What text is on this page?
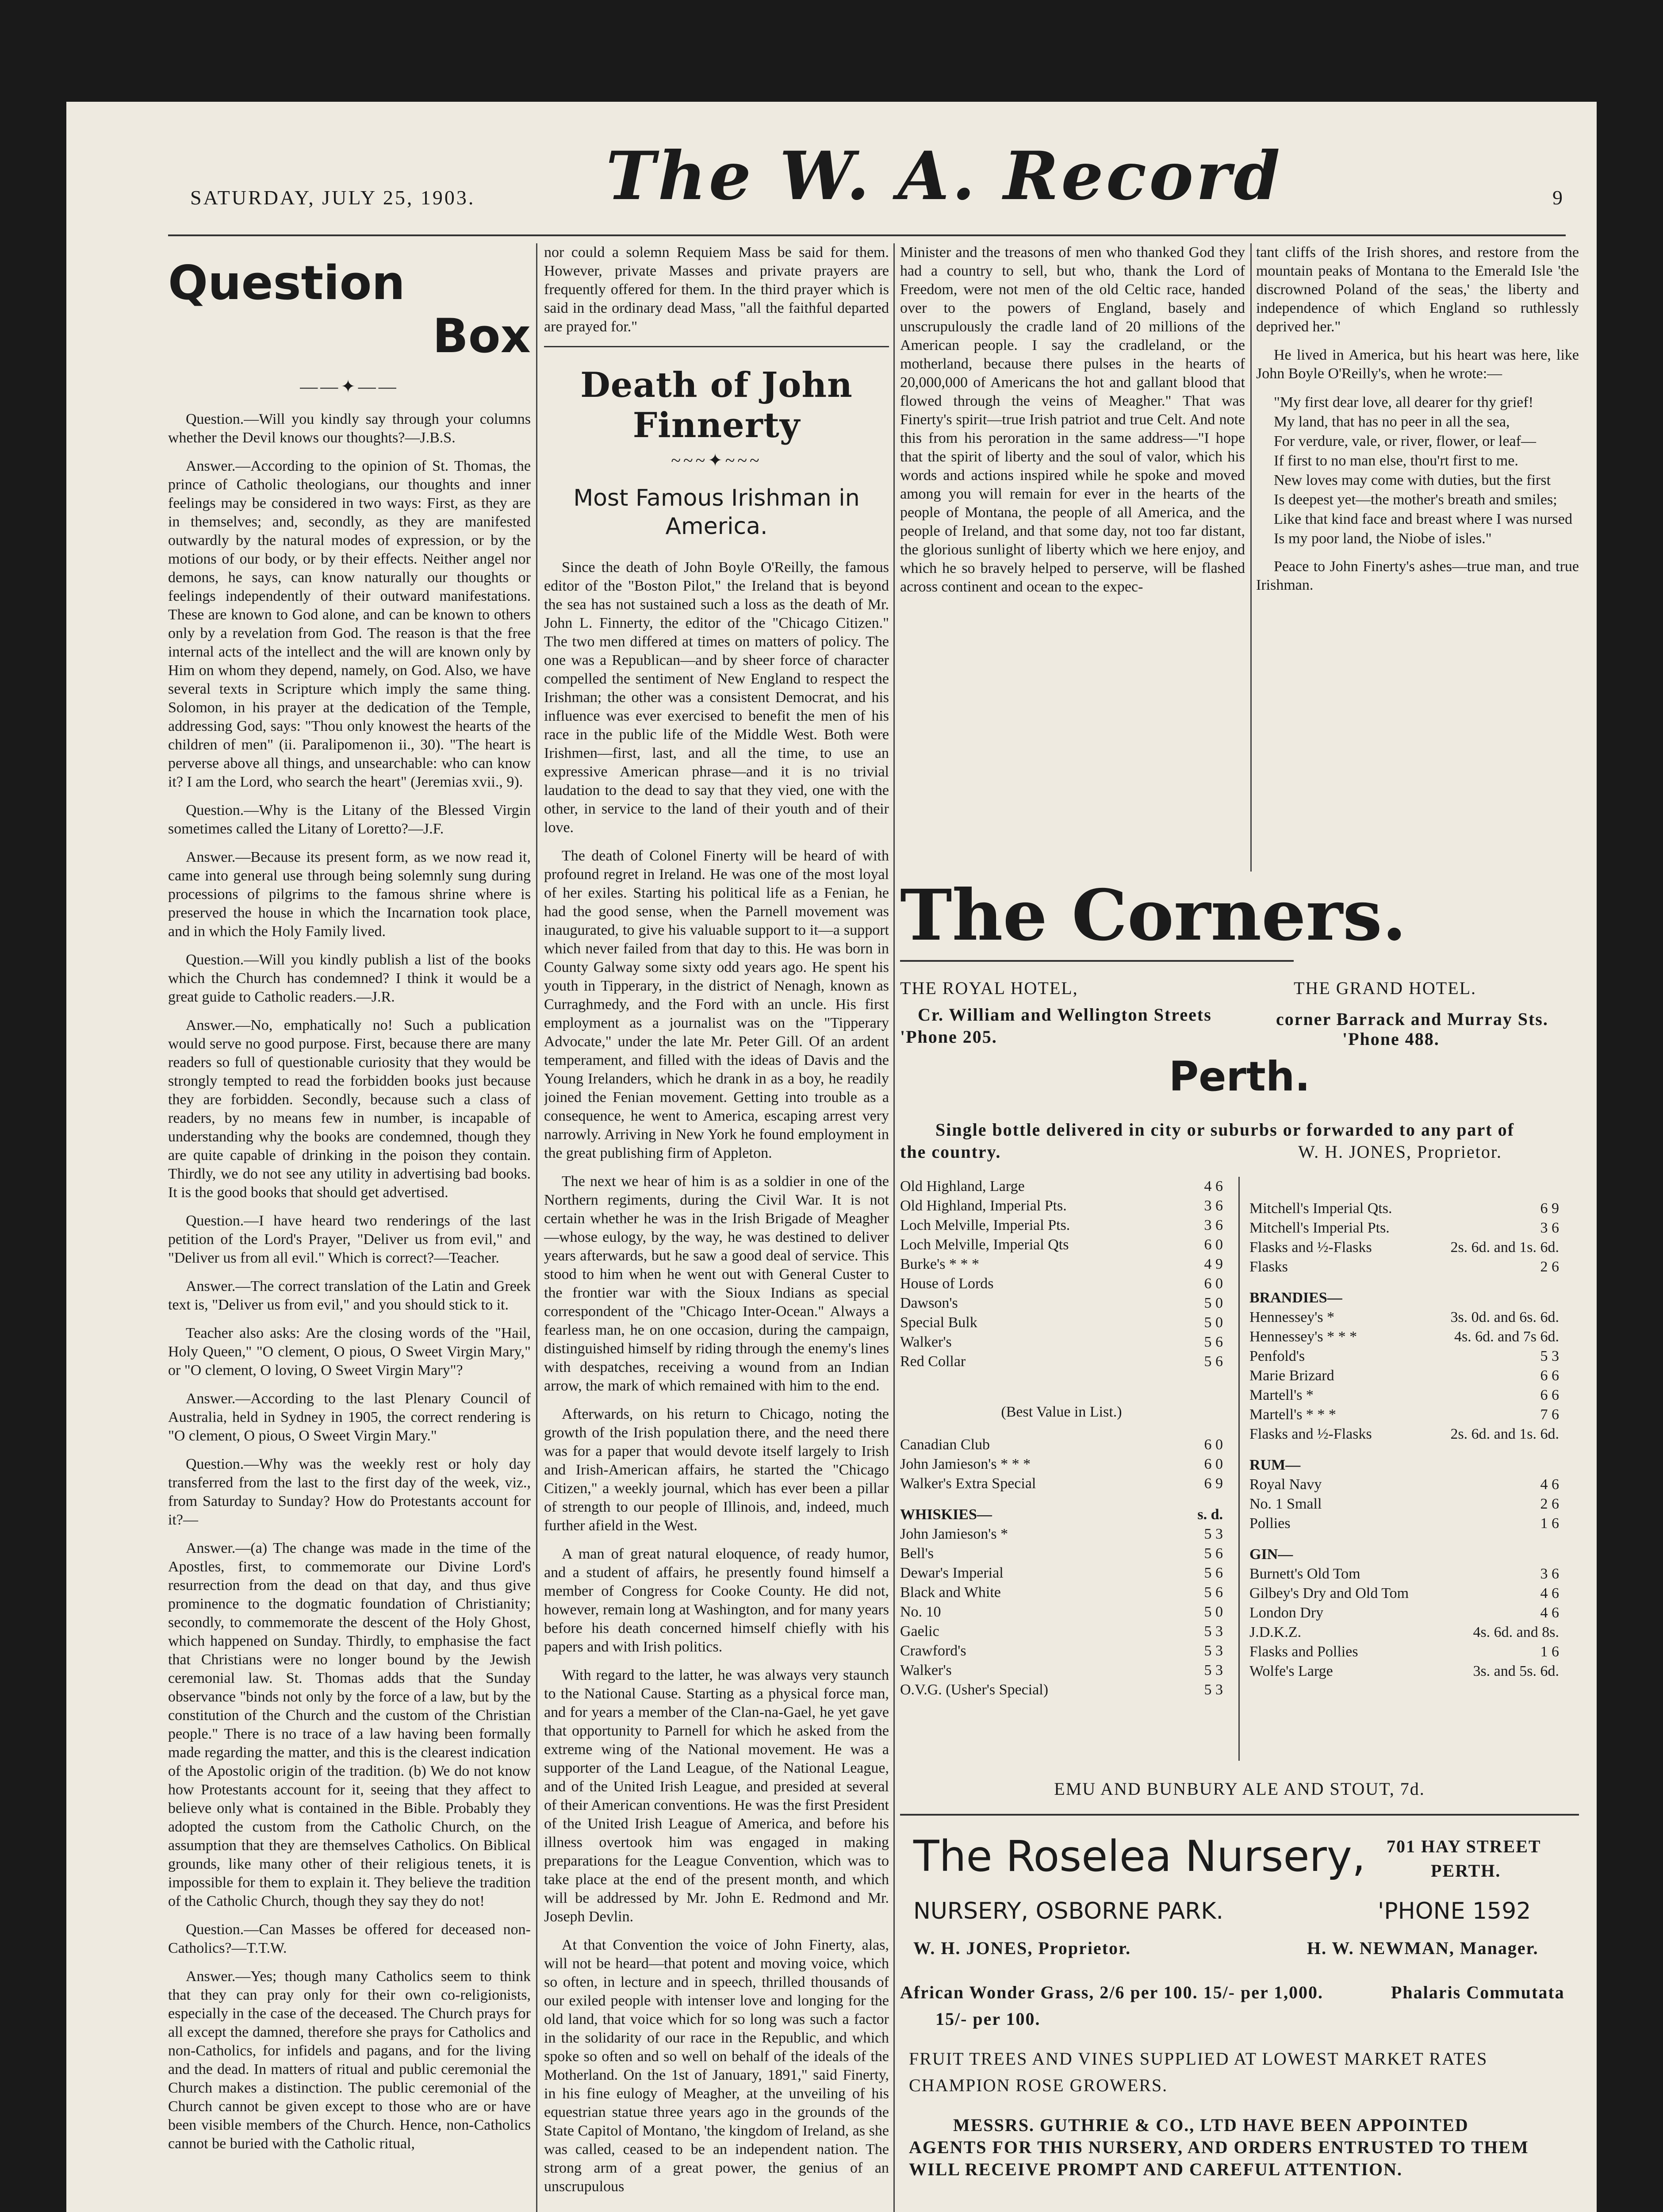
SATURDAY, JULY 25, 1903. The W. A. Record	9
Question
Box
——✦——

Question.—Will you kindly say through your columns whether the Devil knows our thoughts?—J.B.S.

Answer.—According to the opinion of St. Thomas, the prince of Catholic theologians, our thoughts and inner feelings may be considered in two ways: First, as they are in themselves; and, secondly, as they are manifested outwardly by the natural modes of expression, or by the motions of our body, or by their effects. Neither angel nor demons, he says, can know naturally our thoughts or feelings independently of their outward manifestations. These are known to God alone, and can be known to others only by a revelation from God. The reason is that the free internal acts of the intellect and the will are known only by Him on whom they depend, namely, on God. Also, we have several texts in Scripture which imply the same thing. Solomon, in his prayer at the dedication of the Temple, addressing God, says: "Thou only knowest the hearts of the children of men" (ii. Paralipomenon ii., 30). "The heart is perverse above all things, and unsearchable: who can know it? I am the Lord, who search the heart" (Jeremias xvii., 9).

Question.—Why is the Litany of the Blessed Virgin sometimes called the Litany of Loretto?—J.F.

Answer.—Because its present form, as we now read it, came into general use through being solemnly sung during processions of pilgrims to the famous shrine where is preserved the house in which the Incarnation took place, and in which the Holy Family lived.

Question.—Will you kindly publish a list of the books which the Church has condemned? I think it would be a great guide to Catholic readers.—J.R.

Answer.—No, emphatically no! Such a publication would serve no good purpose. First, because there are many readers so full of questionable curiosity that they would be strongly tempted to read the forbidden books just because they are forbidden. Secondly, because such a class of readers, by no means few in number, is incapable of understanding why the books are condemned, though they are quite capable of drinking in the poison they contain. Thirdly, we do not see any utility in advertising bad books. It is the good books that should get advertised.

Question.—I have heard two renderings of the last petition of the Lord's Prayer, "Deliver us from evil," and "Deliver us from all evil." Which is correct?—Teacher.

Answer.—The correct translation of the Latin and Greek text is, "Deliver us from evil," and you should stick to it.

Teacher also asks: Are the closing words of the "Hail, Holy Queen," "O clement, O pious, O Sweet Virgin Mary," or "O clement, O loving, O Sweet Virgin Mary"?

Answer.—According to the last Plenary Council of Australia, held in Sydney in 1905, the correct rendering is "O clement, O pious, O Sweet Virgin Mary."

Question.—Why was the weekly rest or holy day transferred from the last to the first day of the week, viz., from Saturday to Sunday? How do Protestants account for it?—

Answer.—(a) The change was made in the time of the Apostles, first, to commemorate our Divine Lord's resurrection from the dead on that day, and thus give prominence to the dogmatic foundation of Christianity; secondly, to commemorate the descent of the Holy Ghost, which happened on Sunday. Thirdly, to emphasise the fact that Christians were no longer bound by the Jewish ceremonial law. St. Thomas adds that the Sunday observance "binds not only by the force of a law, but by the constitution of the Church and the custom of the Christian people." There is no trace of a law having been formally made regarding the matter, and this is the clearest indication of the Apostolic origin of the tradition. (b) We do not know how Protestants account for it, seeing that they affect to believe only what is contained in the Bible. Probably they adopted the custom from the Catholic Church, on the assumption that they are themselves Catholics. On Biblical grounds, like many other of their religious tenets, it is impossible for them to explain it. They believe the tradition of the Catholic Church, though they say they do not!

Question.—Can Masses be offered for deceased non-Catholics?—T.T.W.

Answer.—Yes; though many Catholics seem to think that they can pray only for their own co-religionists, especially in the case of the deceased. The Church prays for all except the damned, therefore she prays for Catholics and non-Catholics, for infidels and pagans, and for the living and the dead. In matters of ritual and public ceremonial the Church makes a distinction. The public ceremonial of the Church cannot be given except to those who are or have been visible members of the Church. Hence, non-Catholics cannot be buried with the Catholic ritual,

nor could a solemn Requiem Mass be said for them. However, private Masses and private prayers are frequently offered for them. In the third prayer which is said in the ordinary dead Mass, "all the faithful departed are prayed for."

Death of John Finnerty
~~~✦~~~
Most Famous Irishman in America.

Since the death of John Boyle O'Reilly, the famous editor of the "Boston Pilot," the Ireland that is beyond the sea has not sustained such a loss as the death of Mr. John L. Finnerty, the editor of the "Chicago Citizen." The two men differed at times on matters of policy. The one was a Republican—and by sheer force of character compelled the sentiment of New England to respect the Irishman; the other was a consistent Democrat, and his influence was ever exercised to benefit the men of his race in the public life of the Middle West. Both were Irishmen—first, last, and all the time, to use an expressive American phrase—and it is no trivial laudation to the dead to say that they vied, one with the other, in service to the land of their youth and of their love.

The death of Colonel Finerty will be heard of with profound regret in Ireland. He was one of the most loyal of her exiles. Starting his political life as a Fenian, he had the good sense, when the Parnell movement was inaugurated, to give his valuable support to it—a support which never failed from that day to this. He was born in County Galway some sixty odd years ago. He spent his youth in Tipperary, in the district of Nenagh, known as Curraghmedy, and the Ford with an uncle. His first employment as a journalist was on the "Tipperary Advocate," under the late Mr. Peter Gill. Of an ardent temperament, and filled with the ideas of Davis and the Young Irelanders, which he drank in as a boy, he readily joined the Fenian movement. Getting into trouble as a consequence, he went to America, escaping arrest very narrowly. Arriving in New York he found employment in the great publishing firm of Appleton.

The next we hear of him is as a soldier in one of the Northern regiments, during the Civil War. It is not certain whether he was in the Irish Brigade of Meagher—whose eulogy, by the way, he was destined to deliver years afterwards, but he saw a good deal of service. This stood to him when he went out with General Custer to the frontier war with the Sioux Indians as special correspondent of the "Chicago Inter-Ocean." Always a fearless man, he on one occasion, during the campaign, distinguished himself by riding through the enemy's lines with despatches, receiving a wound from an Indian arrow, the mark of which remained with him to the end.

Afterwards, on his return to Chicago, noting the growth of the Irish population there, and the need there was for a paper that would devote itself largely to Irish and Irish-American affairs, he started the "Chicago Citizen," a weekly journal, which has ever been a pillar of strength to our people of Illinois, and, indeed, much further afield in the West.

A man of great natural eloquence, of ready humor, and a student of affairs, he presently found himself a member of Congress for Cooke County. He did not, however, remain long at Washington, and for many years before his death concerned himself chiefly with his papers and with Irish politics.

With regard to the latter, he was always very staunch to the National Cause. Starting as a physical force man, and for years a member of the Clan-na-Gael, he yet gave that opportunity to Parnell for which he asked from the extreme wing of the National movement. He was a supporter of the Land League, of the National League, and of the United Irish League, and presided at several of their American conventions. He was the first President of the United Irish League of America, and before his illness overtook him was engaged in making preparations for the League Convention, which was to take place at the end of the present month, and which will be addressed by Mr. John E. Redmond and Mr. Joseph Devlin.

At that Convention the voice of John Finerty, alas, will not be heard—that potent and moving voice, which so often, in lecture and in speech, thrilled thousands of our exiled people with intenser love and longing for the old land, that voice which for so long was such a factor in the solidarity of our race in the Republic, and which spoke so often and so well on behalf of the ideals of the Motherland. On the 1st of January, 1891," said Finerty, in his fine eulogy of Meagher, at the unveiling of his equestrian statue three years ago in the grounds of the State Capitol of Montano, 'the kingdom of Ireland, as she was called, ceased to be an independent nation. The strong arm of a great power, the genius of an unscrupulous

Minister and the treasons of men who thanked God they had a country to sell, but who, thank the Lord of Freedom, were not men of the old Celtic race, handed over to the powers of England, basely and unscrupulously the cradle land of 20 millions of the American people. I say the cradleland, or the motherland, because there pulses in the hearts of 20,000,000 of Americans the hot and gallant blood that flowed through the veins of Meagher." That was Finerty's spirit—true Irish patriot and true Celt. And note this from his peroration in the same address—"I hope that the spirit of liberty and the soul of valor, which his words and actions inspired while he spoke and moved among you will remain for ever in the hearts of the people of Montana, the people of all America, and the people of Ireland, and that some day, not too far distant, the glorious sunlight of liberty which we here enjoy, and which he so bravely helped to perserve, will be flashed across continent and ocean to the expec-

tant cliffs of the Irish shores, and restore from the mountain peaks of Montana to the Emerald Isle 'the discrowned Poland of the seas,' the liberty and independence of which England so ruthlessly deprived her."

He lived in America, but his heart was here, like John Boyle O'Reilly's, when he wrote:—

"My first dear love, all dearer for thy grief!
My land, that has no peer in all the sea,
For verdure, vale, or river, flower, or leaf—
If first to no man else, thou'rt first to me.
New loves may come with duties, but the first
Is deepest yet—the mother's breath and smiles;
Like that kind face and breast where I was nursed
Is my poor land, the Niobe of isles."

Peace to John Finerty's ashes—true man, and true Irishman.

The Corners.
THE ROYAL HOTEL,
Cr. William and Wellington Streets
'Phone 205.
THE GRAND HOTEL.
corner Barrack and Murray Sts.
'Phone 488.
Perth.
Single bottle delivered in city or suburbs or forwarded to any part of
the country.	W. H. JONES, Proprietor.
Old Highland, Large	4 6
Old Highland, Imperial Pts.	3 6
Loch Melville, Imperial Pts.	3 6
Loch Melville, Imperial Qts	6 0
Burke's * * *	4 9
House of Lords	6 0
Dawson's	5 0
Special Bulk	5 0
Walker's	5 6
Red Collar	5 6
(Best Value in List.)
Canadian Club	6 0
John Jamieson's * * *	6 0
Walker's Extra Special	6 9
WHISKIES—	s. d.
John Jamieson's *	5 3
Bell's	5 6
Dewar's Imperial	5 6
Black and White	5 6
No. 10	5 0
Gaelic	5 3
Crawford's	5 3
Walker's	5 3
O.V.G. (Usher's Special)	5 3
Mitchell's Imperial Qts.	6 9
Mitchell's Imperial Pts.	3 6
Flasks and ½-Flasks	2s. 6d. and 1s. 6d.
Flasks	2 6
BRANDIES—
Hennessey's *	3s. 0d. and 6s. 6d.
Hennessey's * * *	4s. 6d. and 7s 6d.
Penfold's	5 3
Marie Brizard	6 6
Martell's *	6 6
Martell's * * *	7 6
Flasks and ½-Flasks	2s. 6d. and 1s. 6d.
RUM—
Royal Navy	4 6
No. 1 Small	2 6
Pollies	1 6
GIN—
Burnett's Old Tom	3 6
Gilbey's Dry and Old Tom	4 6
London Dry	4 6
J.D.K.Z.	4s. 6d. and 8s.
Flasks and Pollies	1 6
Wolfe's Large	3s. and 5s. 6d.
EMU AND BUNBURY ALE AND STOUT, 7d.
The Roselea Nursery, 701 HAY STREET
PERTH.
NURSERY, OSBORNE PARK.	'PHONE 1592
W. H. JONES, Proprietor.	H. W. NEWMAN, Manager.
African Wonder Grass, 2/6 per 100. 15/- per 1,000.	Phalaris Commutata
15/- per 100.
FRUIT TREES AND VINES SUPPLIED AT LOWEST MARKET RATES
CHAMPION ROSE GROWERS.
MESSRS. GUTHRIE & CO., LTD HAVE BEEN APPOINTED
AGENTS FOR THIS NURSERY, AND ORDERS ENTRUSTED TO THEM
WILL RECEIVE PROMPT AND CAREFUL ATTENTION.
